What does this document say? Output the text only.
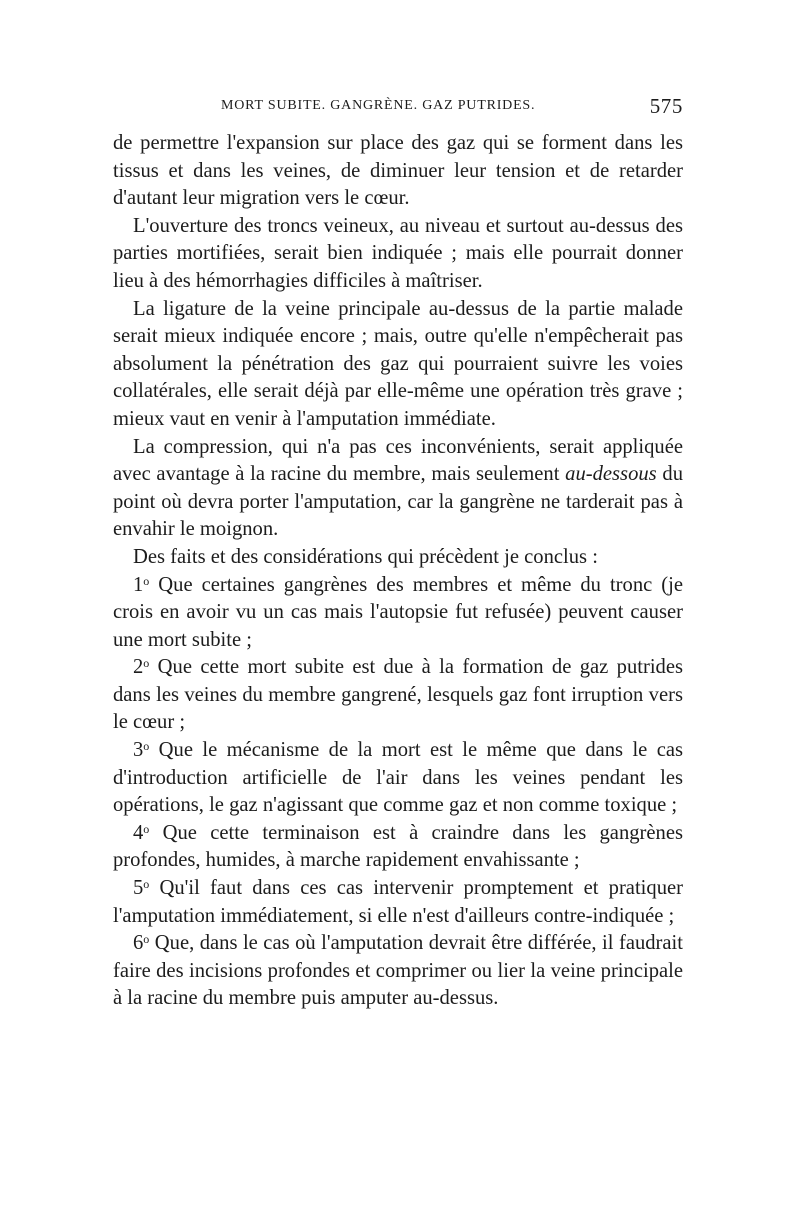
MORT SUBITE. GANGRÈNE. GAZ PUTRIDES.	575

de permettre l'expansion sur place des gaz qui se forment dans les tissus et dans les veines, de diminuer leur tension et de retarder d'autant leur migration vers le cœur.

L'ouverture des troncs veineux, au niveau et surtout au-dessus des parties mortifiées, serait bien indiquée ; mais elle pourrait donner lieu à des hémorrhagies difficiles à maîtriser.

La ligature de la veine principale au-dessus de la partie malade serait mieux indiquée encore ; mais, outre qu'elle n'empêcherait pas absolument la pénétration des gaz qui pourraient suivre les voies collatérales, elle serait déjà par elle-même une opération très grave ; mieux vaut en venir à l'amputation immédiate.

La compression, qui n'a pas ces inconvénients, serait appliquée avec avantage à la racine du membre, mais seulement au-dessous du point où devra porter l'amputation, car la gangrène ne tarderait pas à envahir le moignon.

Des faits et des considérations qui précèdent je conclus :

1$^o$ Que certaines gangrènes des membres et même du tronc (je crois en avoir vu un cas mais l'autopsie fut refusée) peuvent causer une mort subite ;

2$^o$ Que cette mort subite est due à la formation de gaz putrides dans les veines du membre gangrené, lesquels gaz font irruption vers le cœur ;

3$^o$ Que le mécanisme de la mort est le même que dans le cas d'introduction artificielle de l'air dans les veines pendant les opérations, le gaz n'agissant que comme gaz et non comme toxique ;

4$^o$ Que cette terminaison est à craindre dans les gangrènes profondes, humides, à marche rapidement envahissante ;

5$^o$ Qu'il faut dans ces cas intervenir promptement et pratiquer l'amputation immédiatement, si elle n'est d'ailleurs contre-indiquée ;

6$^o$ Que, dans le cas où l'amputation devrait être différée, il faudrait faire des incisions profondes et comprimer ou lier la veine principale à la racine du membre puis amputer au-dessus.
